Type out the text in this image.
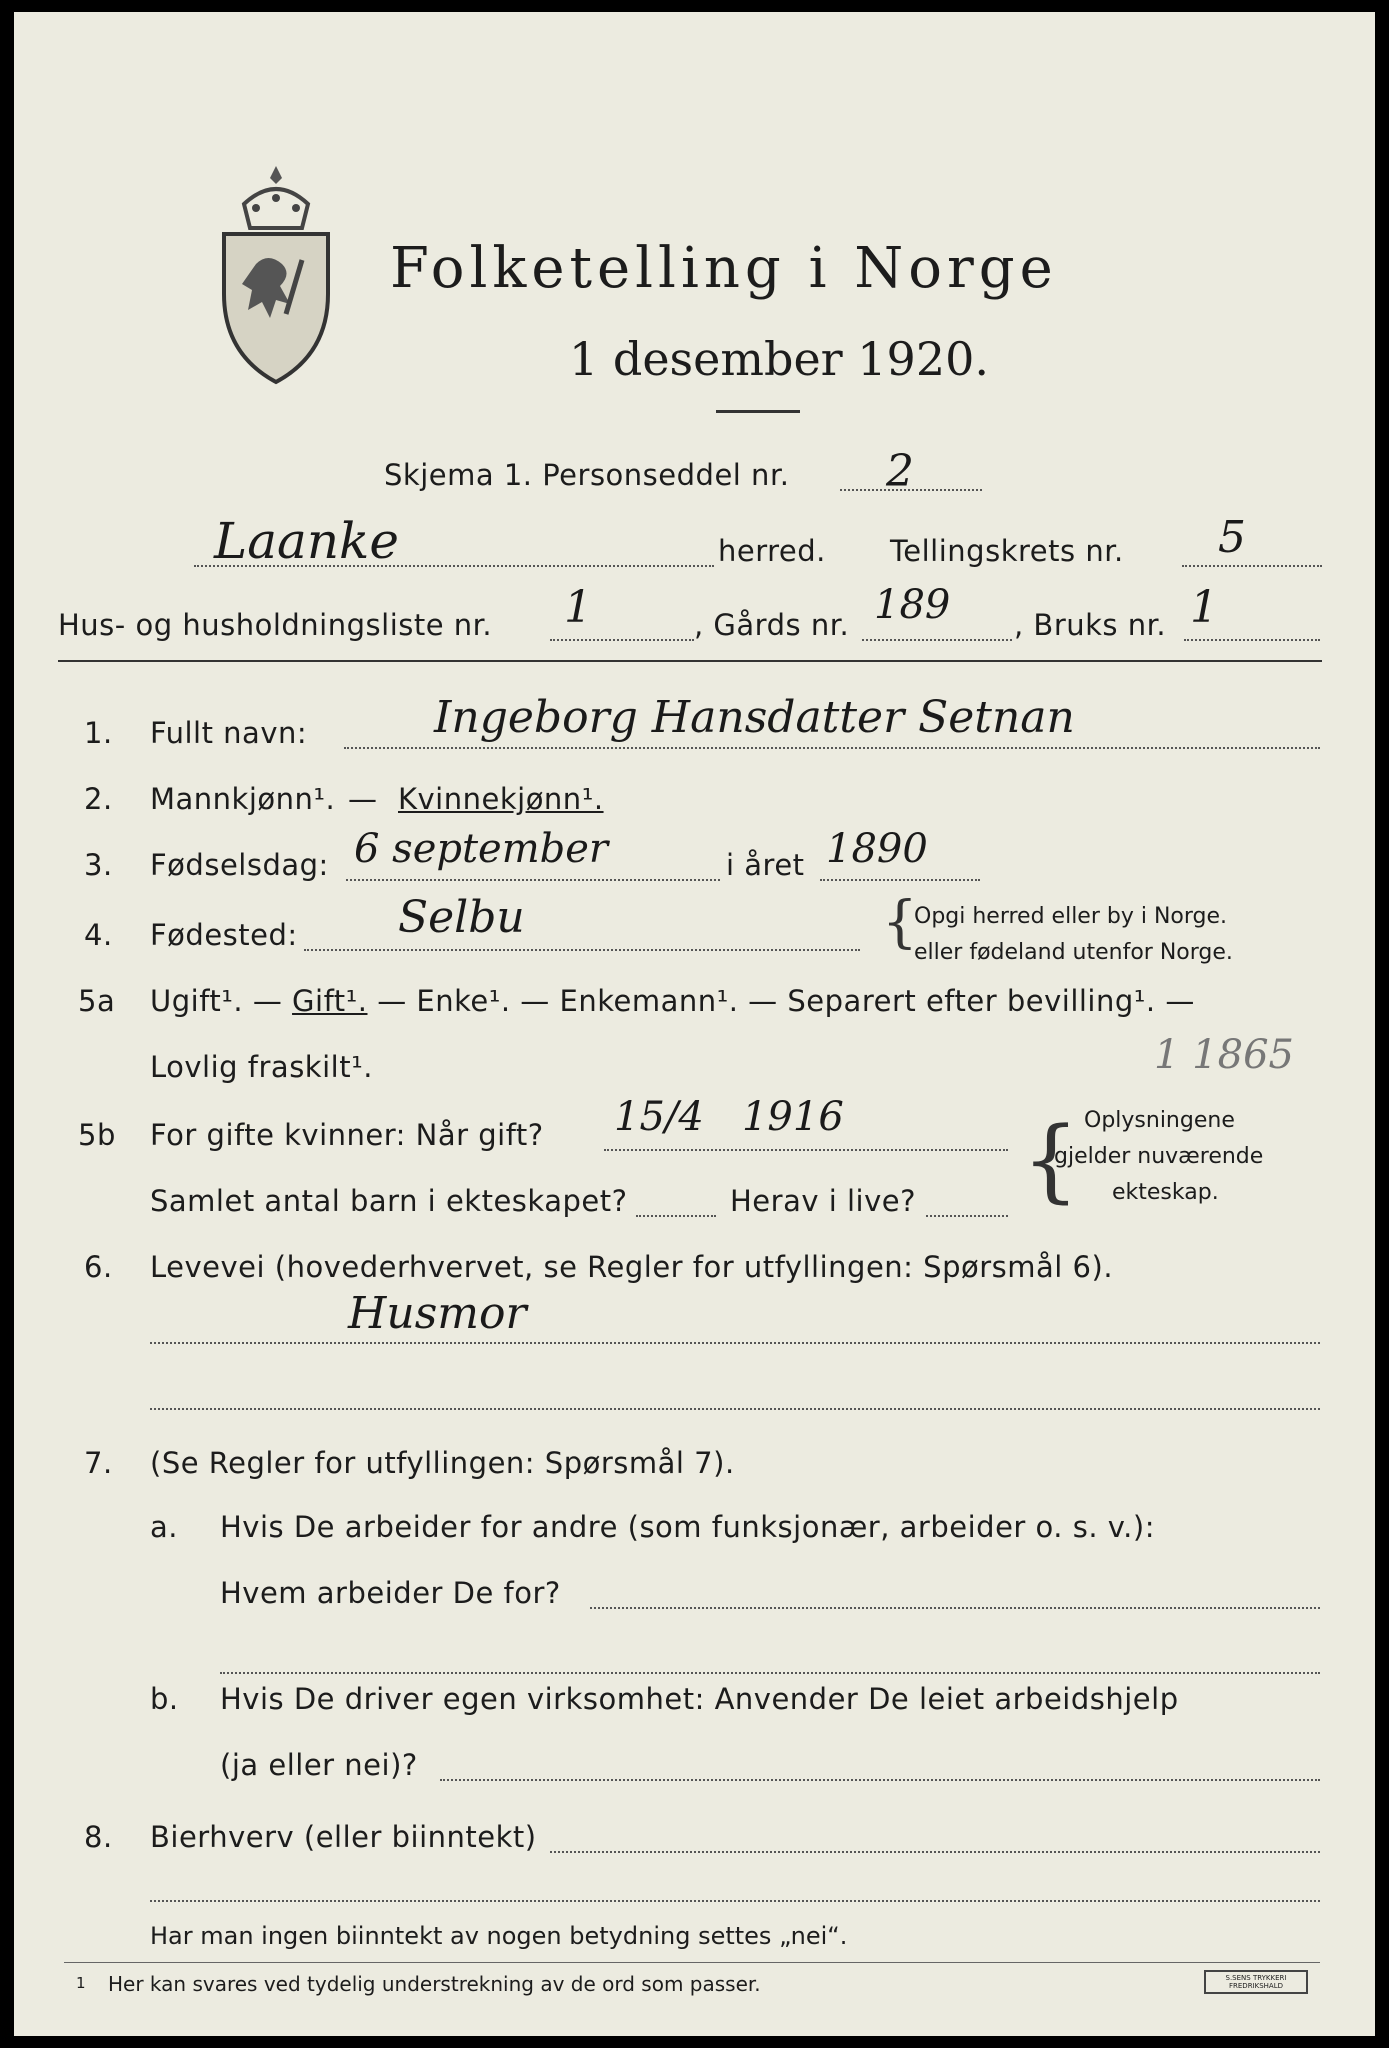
Folketelling i Norge
1 desember 1920.
Skjema 1. Personseddel nr. 2
Laanke	herred. Tellingskrets nr. 5
Hus- og husholdningsliste nr. 1	, Gårds nr. 189 , Bruks nr. 1
1. Fullt navn:	Ingeborg Hansdatter Setnan
2. Mannkjønn¹. — Kvinnekjønn¹.
3. Fødselsdag: 6 september	i året 1890
4. Fødested: Selbu	{
Opgi herred eller by i Norge.
eller fødeland utenfor Norge.
5a Ugift¹. — Gift¹. — Enke¹. — Enkemann¹. — Separert efter bevilling¹. —
Lovlig fraskilt¹.	1 1865
5b For gifte kvinner: Når gift? 15/4   1916
Samlet antal barn i ekteskapet?	Herav i live? { Oplysningene
gjelder nuværende
ekteskap.
6. Levevei (hovederhvervet, se Regler for utfyllingen: Spørsmål 6).
Husmor
7. (Se Regler for utfyllingen: Spørsmål 7).
a. Hvis De arbeider for andre (som funksjonær, arbeider o. s. v.):
Hvem arbeider De for?
b. Hvis De driver egen virksomhet: Anvender De leiet arbeidshjelp
(ja eller nei)?
8. Bierhverv (eller biinntekt)
Har man ingen biinntekt av nogen betydning settes „nei“.
1 Her kan svares ved tydelig understrekning av de ord som passer.	S.SENS TRYKKERI FREDRIKSHALD
